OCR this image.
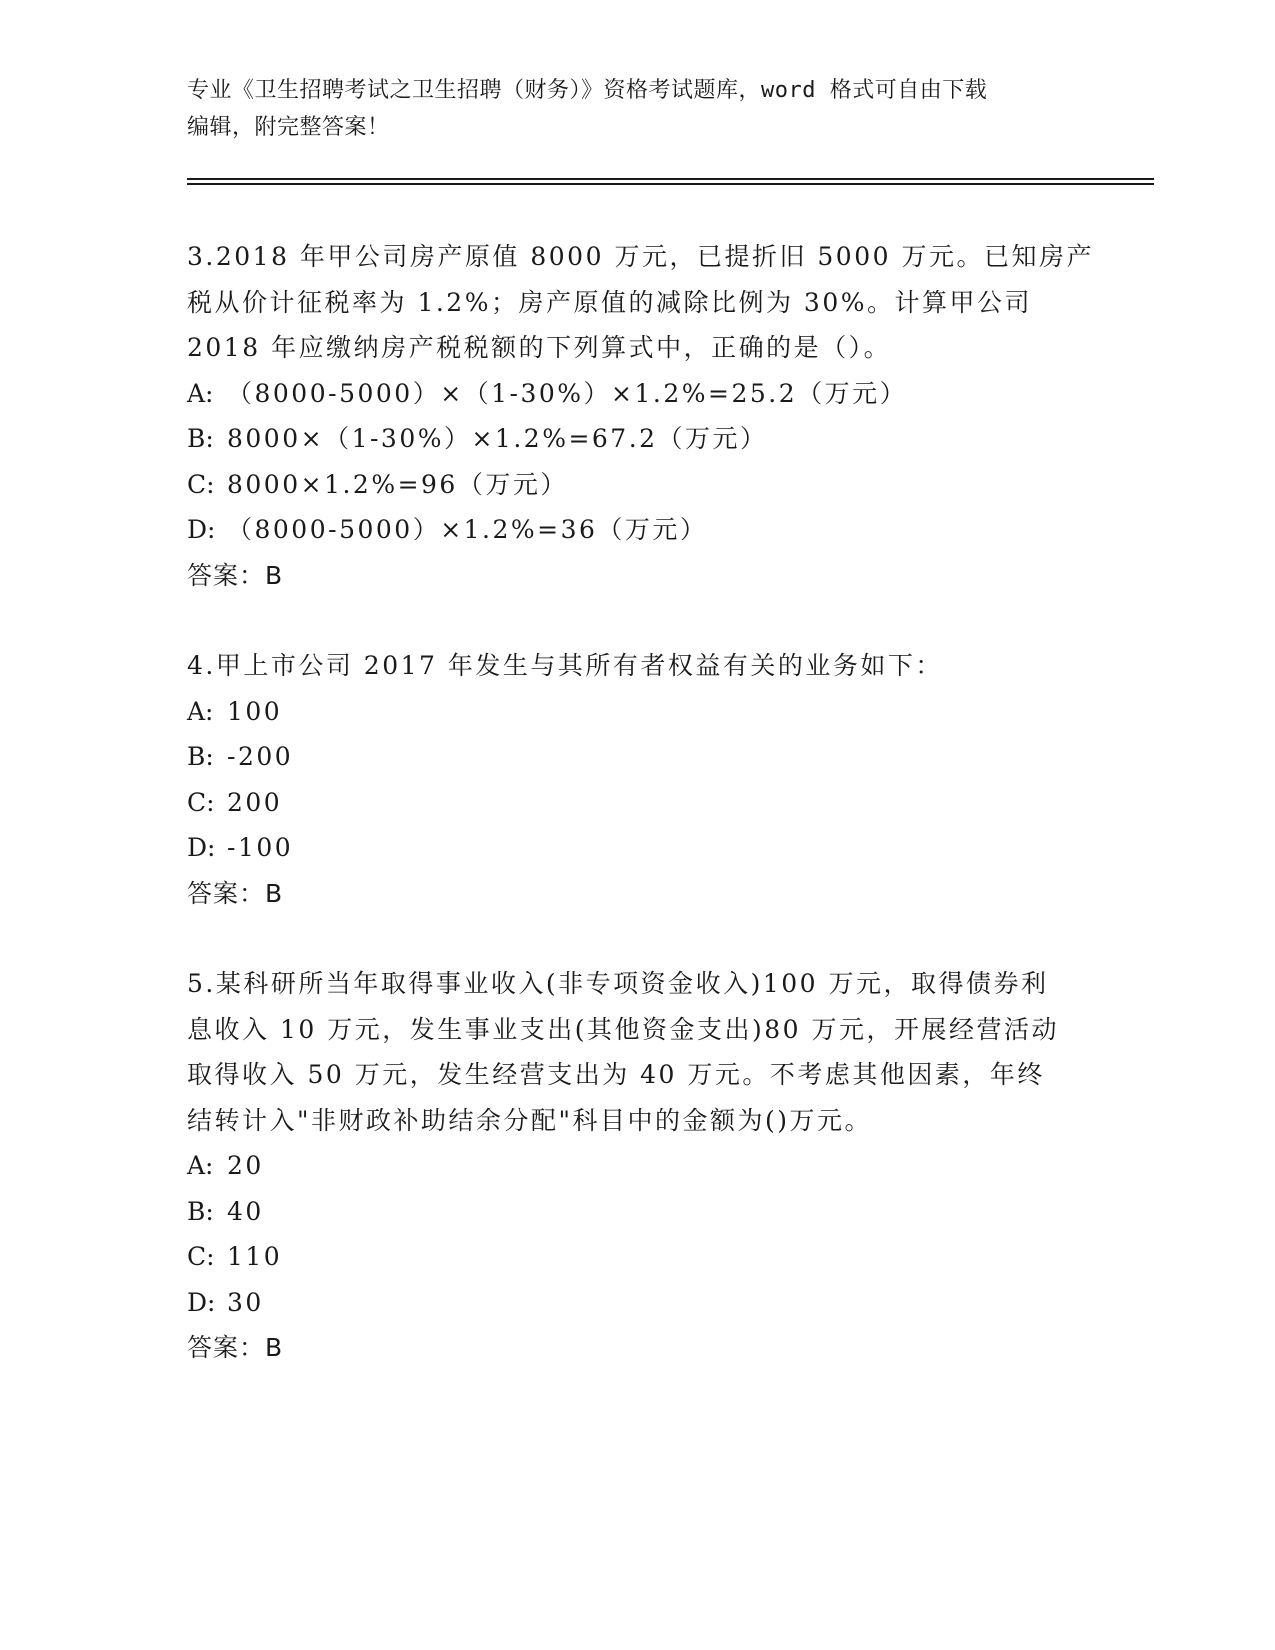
专业《卫生招聘考试之卫生招聘（财务）》资格考试题库，word 格式可自由下载
编辑，附完整答案！
3.2018 年甲公司房产原值 8000 万元，已提折旧 5000 万元。已知房产
税从价计征税率为 1.2%；房产原值的减除比例为 30%。计算甲公司
2018 年应缴纳房产税税额的下列算式中，正确的是（）。
A: （8000-5000）×（1-30%）×1.2%=25.2（万元）
B: 8000×（1-30%）×1.2%=67.2（万元）
C: 8000×1.2%=96（万元）
D: （8000-5000）×1.2%=36（万元）
答案：B
4.甲上市公司 2017 年发生与其所有者权益有关的业务如下：
A: 100
B: -200
C: 200
D: -100
答案：B
5.某科研所当年取得事业收入(非专项资金收入)100 万元，取得债券利
息收入 10 万元，发生事业支出(其他资金支出)80 万元，开展经营活动
取得收入 50 万元，发生经营支出为 40 万元。不考虑其他因素，年终
结转计入"非财政补助结余分配"科目中的金额为()万元。
A: 20
B: 40
C: 110
D: 30
答案：B
